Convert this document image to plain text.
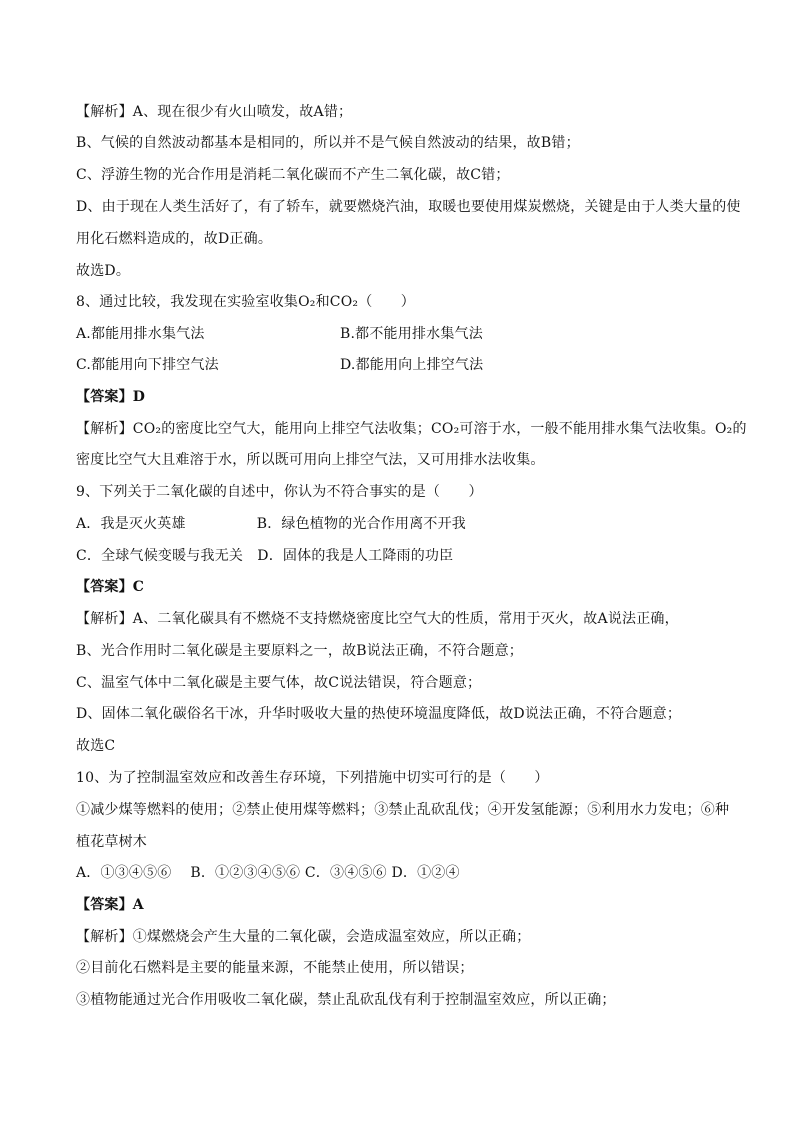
【解析】A、现在很少有火山喷发，故A错；
B、气候的自然波动都基本是相同的，所以并不是气候自然波动的结果，故B错；
C、浮游生物的光合作用是消耗二氧化碳而不产生二氧化碳，故C错；
D、由于现在人类生活好了，有了轿车，就要燃烧汽油，取暖也要使用煤炭燃烧，关键是由于人类大量的使
用化石燃料造成的，故D正确。
故选D。
8、通过比较，我发现在实验室收集O₂和CO₂（　　）
A.都能用排水集气法	B.都不能用排水集气法
C.都能用向下排空气法	D.都能用向上排空气法
【答案】D
【解析】CO₂的密度比空气大，能用向上排空气法收集；CO₂可溶于水，一般不能用排水集气法收集。O₂的
密度比空气大且难溶于水，所以既可用向上排空气法，又可用排水法收集。
9、下列关于二氧化碳的自述中，你认为不符合事实的是（　　）
A．我是灭火英雄　　　　　B．绿色植物的光合作用离不开我
C．全球气候变暖与我无关　D．固体的我是人工降雨的功臣
【答案】C
【解析】A、二氧化碳具有不燃烧不支持燃烧密度比空气大的性质，常用于灭火，故A说法正确，
B、光合作用时二氧化碳是主要原料之一，故B说法正确，不符合题意；
C、温室气体中二氧化碳是主要气体，故C说法错误，符合题意；
D、固体二氧化碳俗名干冰，升华时吸收大量的热使环境温度降低，故D说法正确，不符合题意；
故选C
10、为了控制温室效应和改善生存环境，下列措施中切实可行的是（　　）
①减少煤等燃料的使用；②禁止使用煤等燃料；③禁止乱砍乱伐；④开发氢能源；⑤利用水力发电；⑥种
植花草树木
A．①③④⑤⑥　 B．①②③④⑤⑥ C．③④⑤⑥ D．①②④
【答案】A
【解析】①煤燃烧会产生大量的二氧化碳，会造成温室效应，所以正确；
②目前化石燃料是主要的能量来源，不能禁止使用，所以错误；
③植物能通过光合作用吸收二氧化碳，禁止乱砍乱伐有利于控制温室效应，所以正确；
